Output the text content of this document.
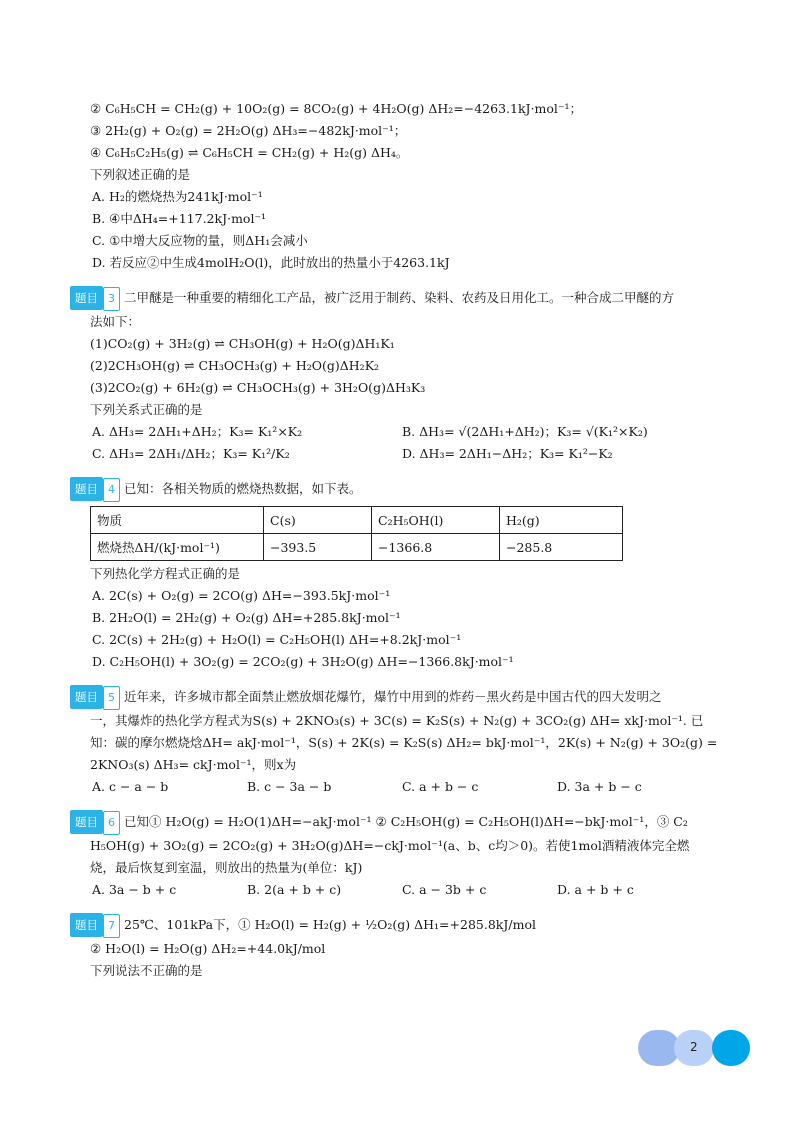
② C₆H₅CH = CH₂(g) + 10O₂(g) = 8CO₂(g) + 4H₂O(g) ΔH₂=−4263.1kJ·mol⁻¹；
③ 2H₂(g) + O₂(g) = 2H₂O(g) ΔH₃=−482kJ·mol⁻¹；
④ C₆H₅C₂H₅(g) ⇌ C₆H₅CH = CH₂(g) + H₂(g) ΔH₄。
下列叙述正确的是
A. H₂的燃烧热为241kJ·mol⁻¹
B. ④中ΔH₄=+117.2kJ·mol⁻¹
C. ①中增大反应物的量，则ΔH₁会减小
D. 若反应②中生成4molH₂O(l)，此时放出的热量小于4263.1kJ
题目 3 二甲醚是一种重要的精细化工产品，被广泛用于制药、染料、农药及日用化工。一种合成二甲醚的方
法如下：
(1)CO₂(g) + 3H₂(g) ⇌ CH₃OH(g) + H₂O(g)ΔH₁K₁
(2)2CH₃OH(g) ⇌ CH₃OCH₃(g) + H₂O(g)ΔH₂K₂
(3)2CO₂(g) + 6H₂(g) ⇌ CH₃OCH₃(g) + 3H₂O(g)ΔH₃K₃
下列关系式正确的是
A. ΔH₃= 2ΔH₁+ΔH₂；K₃= K₁²×K₂	B. ΔH₃= √(2ΔH₁+ΔH₂)；K₃= √(K₁²×K₂)
C. ΔH₃= 2ΔH₁/ΔH₂；K₃= K₁²/K₂	D. ΔH₃= 2ΔH₁−ΔH₂；K₃= K₁²−K₂
题目 4 已知：各相关物质的燃烧热数据，如下表。
物质	C(s)	C₂H₅OH(l)	H₂(g)
燃烧热ΔH/(kJ·mol⁻¹)	−393.5	−1366.8	−285.8
下列热化学方程式正确的是
A. 2C(s) + O₂(g) = 2CO(g) ΔH=−393.5kJ·mol⁻¹
B. 2H₂O(l) = 2H₂(g) + O₂(g) ΔH=+285.8kJ·mol⁻¹
C. 2C(s) + 2H₂(g) + H₂O(l) = C₂H₅OH(l) ΔH=+8.2kJ·mol⁻¹
D. C₂H₅OH(l) + 3O₂(g) = 2CO₂(g) + 3H₂O(g) ΔH=−1366.8kJ·mol⁻¹
题目 5 近年来，许多城市都全面禁止燃放烟花爆竹，爆竹中用到的炸药－黑火药是中国古代的四大发明之
一，其爆炸的热化学方程式为S(s) + 2KNO₃(s) + 3C(s) = K₂S(s) + N₂(g) + 3CO₂(g) ΔH= xkJ·mol⁻¹. 已
知：碳的摩尔燃烧焓ΔH= akJ·mol⁻¹，S(s) + 2K(s) = K₂S(s) ΔH₂= bkJ·mol⁻¹，2K(s) + N₂(g) + 3O₂(g) =
2KNO₃(s) ΔH₃= ckJ·mol⁻¹，则x为
A. c − a − b	B. c − 3a − b	C. a + b − c	D. 3a + b − c
题目 6 已知① H₂O(g) = H₂O(1)ΔH=−akJ·mol⁻¹ ② C₂H₅OH(g) = C₂H₅OH(l)ΔH=−bkJ·mol⁻¹，③ C₂
H₅OH(g) + 3O₂(g) = 2CO₂(g) + 3H₂O(g)ΔH=−ckJ·mol⁻¹(a、b、c均＞0)。若使1mol酒精液体完全燃
烧，最后恢复到室温，则放出的热量为(单位：kJ)
A. 3a − b + c	B. 2(a + b + c)	C. a − 3b + c	D. a + b + c
题目 7 25℃、101kPa下，① H₂O(l) = H₂(g) + ½O₂(g) ΔH₁=+285.8kJ/mol
② H₂O(l) = H₂O(g) ΔH₂=+44.0kJ/mol
下列说法不正确的是
2
